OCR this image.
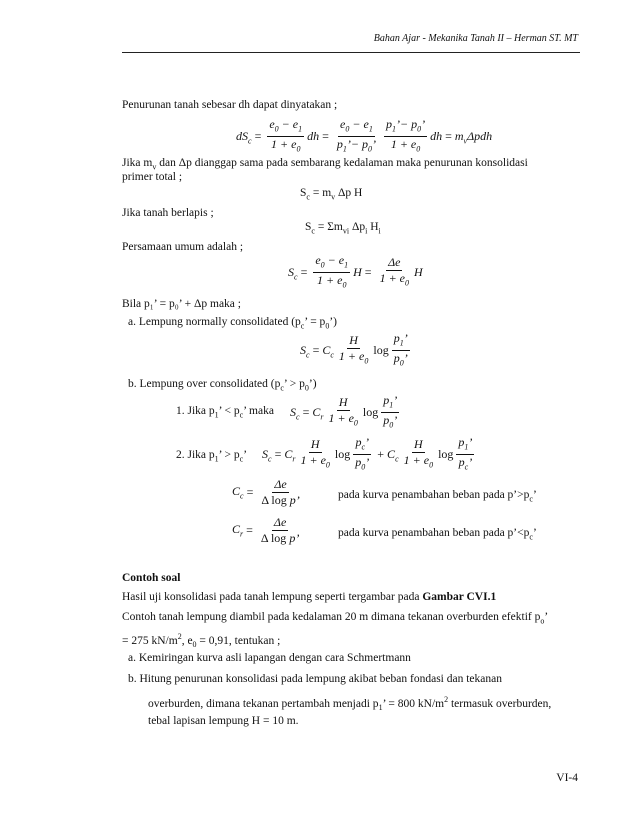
Bahan Ajar - Mekanika Tanah II – Herman ST. MT
Penurunan tanah sebesar dh dapat dinyatakan ;
$dS_c = \frac{e_0 - e_1}{1 + e_0}$ dh = $\frac{e_0 - e_1}{p_1’- p_0’}$ $p_1’- p_0$’
$1 + e_0$
dh = $m_v\Delta pdh$
Jika $m_v$ dan Δp dianggap sama pada sembarang kedalaman maka penurunan konsolidasi
primer total ;
$S_c = m_v$ Δp H
Jika tanah berlapis ;
$S_c = \Sigma m_{vi}$ $\Delta p_i$ $H_i$
Persamaan umum adalah ;
$S_c = \frac{e_0 - e_1}{1 + e_0}$ $H = \frac{\Delta e}{1 + e_0}$ H
Bila p₁’ = p₀’ + Δp maka ;
a. Lempung normally consolidated ($p_c$’ = $p_0$’)
$S_c = C_c$
H
$1 + e_0$
log
$p_1$’
$p_0$’
b. Lempung over consolidated ($p_c$’ > $p_0$’)
1. Jika $p_1$’ < $p_c$’ maka $S_c = C_r$
H
$1 + e_0$
log
$p_1$’
$p_0$’
2. Jika $p_1$’ > $p_c$’ $S_c = C_r$
H
$1 + e_0$
log
$p_c$’
$p_0$’
+ $C_c$
H
$1 + e_0$
log
$p_1$’
$p_c$’
$C_c = \frac{\Delta e}{\text{Δ log p’}}$	pada kurva penambahan beban pada $p’>p_c$’
$C_r = \frac{\Delta e}{\text{Δ log p’}}$	pada kurva penambahan beban pada $p’<p_c$’
Contoh soal
Hasil uji konsolidasi pada tanah lempung seperti tergambar pada Gambar CVI.1
Contoh tanah lempung diambil pada kedalaman 20 m dimana tekanan overburden efektif $p_o$’
= 275 $kN/m^2$, $e_0 = 0,91$, tentukan ;
a. Kemiringan kurva asli lapangan dengan cara Schmertmann
b. Hitung penurunan konsolidasi pada lempung akibat beban fondasi dan tekanan
overburden, dimana tekanan pertambah menjadi $p_1$’ = 800 $kN/m^2$ termasuk overburden,
tebal lapisan lempung H = 10 m.
VI-4
